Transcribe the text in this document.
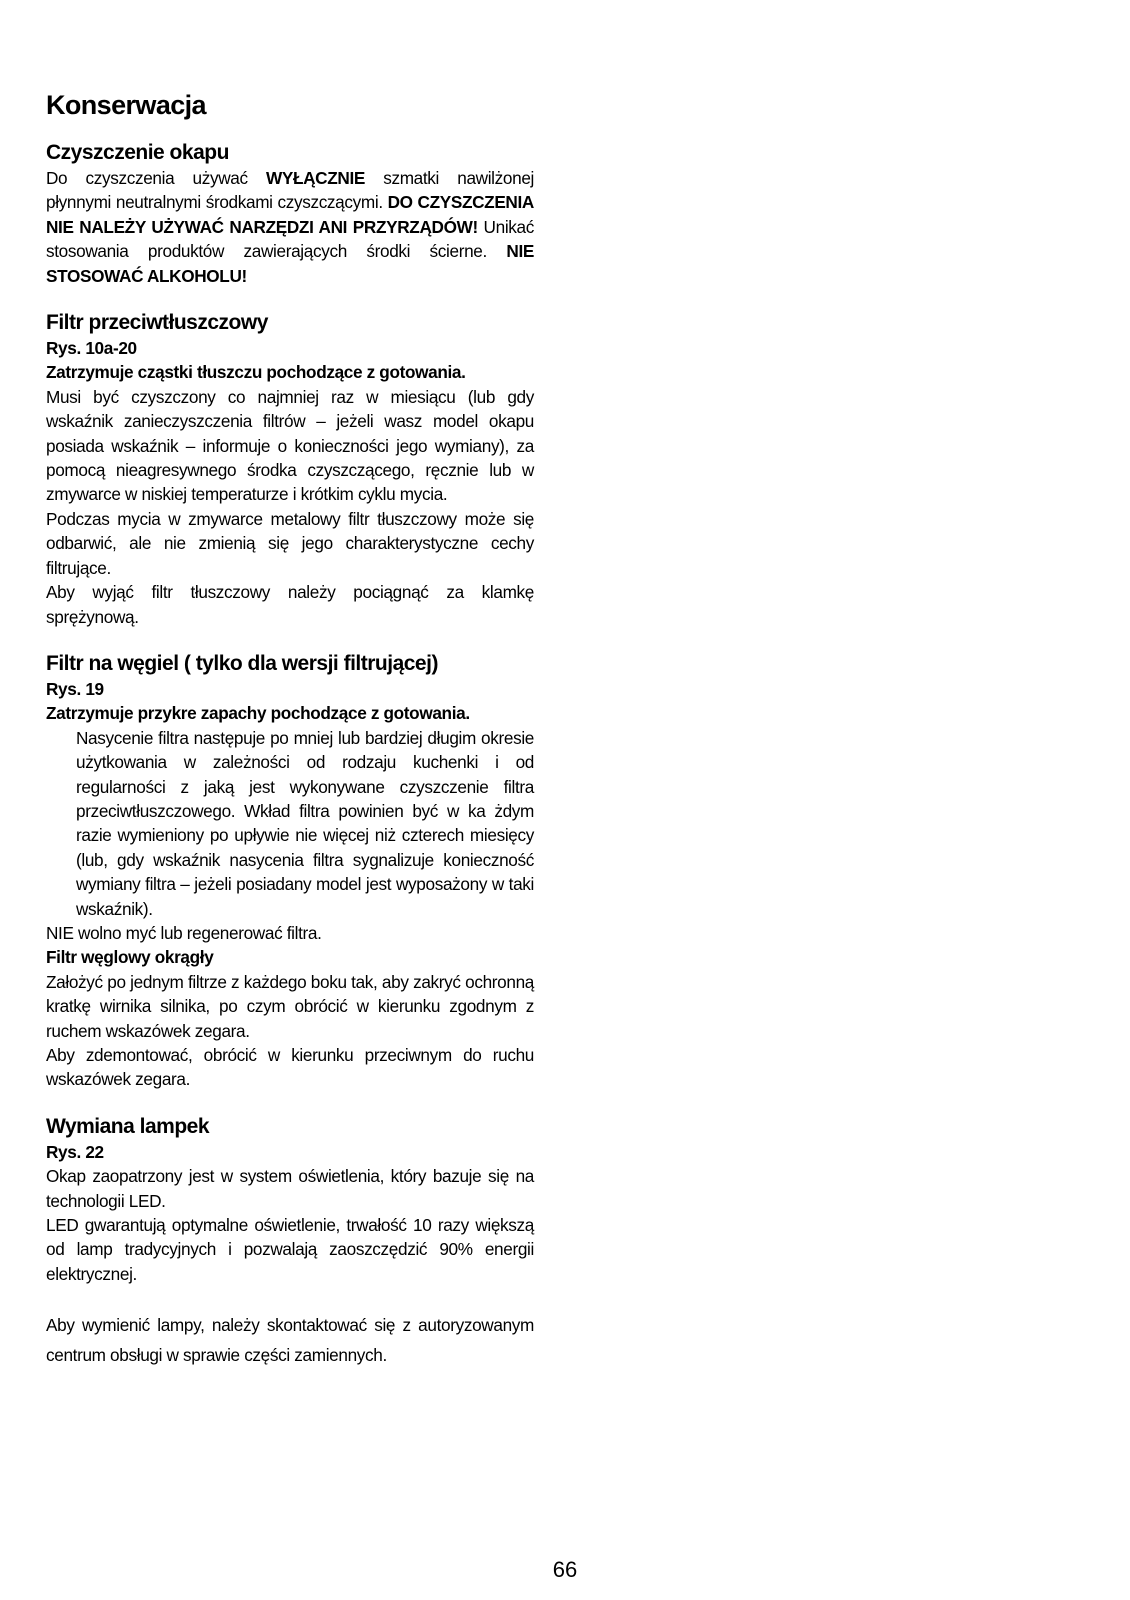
Konserwacja
Czyszczenie okapu

Do czyszczenia używać WYŁĄCZNIE szmatki nawilżonej płynnymi neutralnymi środkami czyszczącymi. DO CZYSZCZENIA NIE NALEŻY UŻYWAĆ NARZĘDZI ANI PRZYRZĄDÓW! Unikać stosowania produktów zawierających środki ścierne. NIE STOSOWAĆ ALKOHOLU!

Filtr przeciwtłuszczowy
Rys. 10a-20
Zatrzymuje cząstki tłuszczu pochodzące z gotowania.

Musi być czyszczony co najmniej raz w miesiącu (lub gdy wskaźnik zanieczyszczenia filtrów – jeżeli wasz model okapu posiada wskaźnik – informuje o konieczności jego wymiany), za pomocą nieagresywnego środka czyszczącego, ręcznie lub w zmywarce w niskiej temperaturze i krótkim cyklu mycia.

Podczas mycia w zmywarce metalowy filtr tłuszczowy może się odbarwić, ale nie zmienią się jego charakterystyczne cechy filtrujące.

Aby wyjąć filtr tłuszczowy należy pociągnąć za klamkę sprężynową.

Filtr na węgiel ( tylko dla wersji filtrującej)
Rys. 19
Zatrzymuje przykre zapachy pochodzące z gotowania.

Nasycenie filtra następuje po mniej lub bardziej długim okresie użytkowania w zależności od rodzaju kuchenki i od regularności z jaką jest wykonywane czyszczenie filtra przeciwtłuszczowego. Wkład filtra powinien być w ka żdym razie wymieniony po upływie nie więcej niż czterech miesięcy (lub, gdy wskaźnik nasycenia filtra sygnalizuje konieczność wymiany filtra – jeżeli posiadany model jest wyposażony w taki wskaźnik).

NIE wolno myć lub regenerować filtra.

Filtr węglowy okrągły

Założyć po jednym filtrze z każdego boku tak, aby zakryć ochronną kratkę wirnika silnika, po czym obrócić w kierunku zgodnym z ruchem wskazówek zegara.

Aby zdemontować, obrócić w kierunku przeciwnym do ruchu wskazówek zegara.

Wymiana lampek
Rys. 22

Okap zaopatrzony jest w system oświetlenia, który bazuje się na technologii LED.

LED gwarantują optymalne oświetlenie, trwałość 10 razy większą od lamp tradycyjnych i pozwalają zaoszczędzić 90% energii elektrycznej.

Aby wymienić lampy, należy skontaktować się z autoryzowanym centrum obsługi w sprawie części zamiennych.

66
